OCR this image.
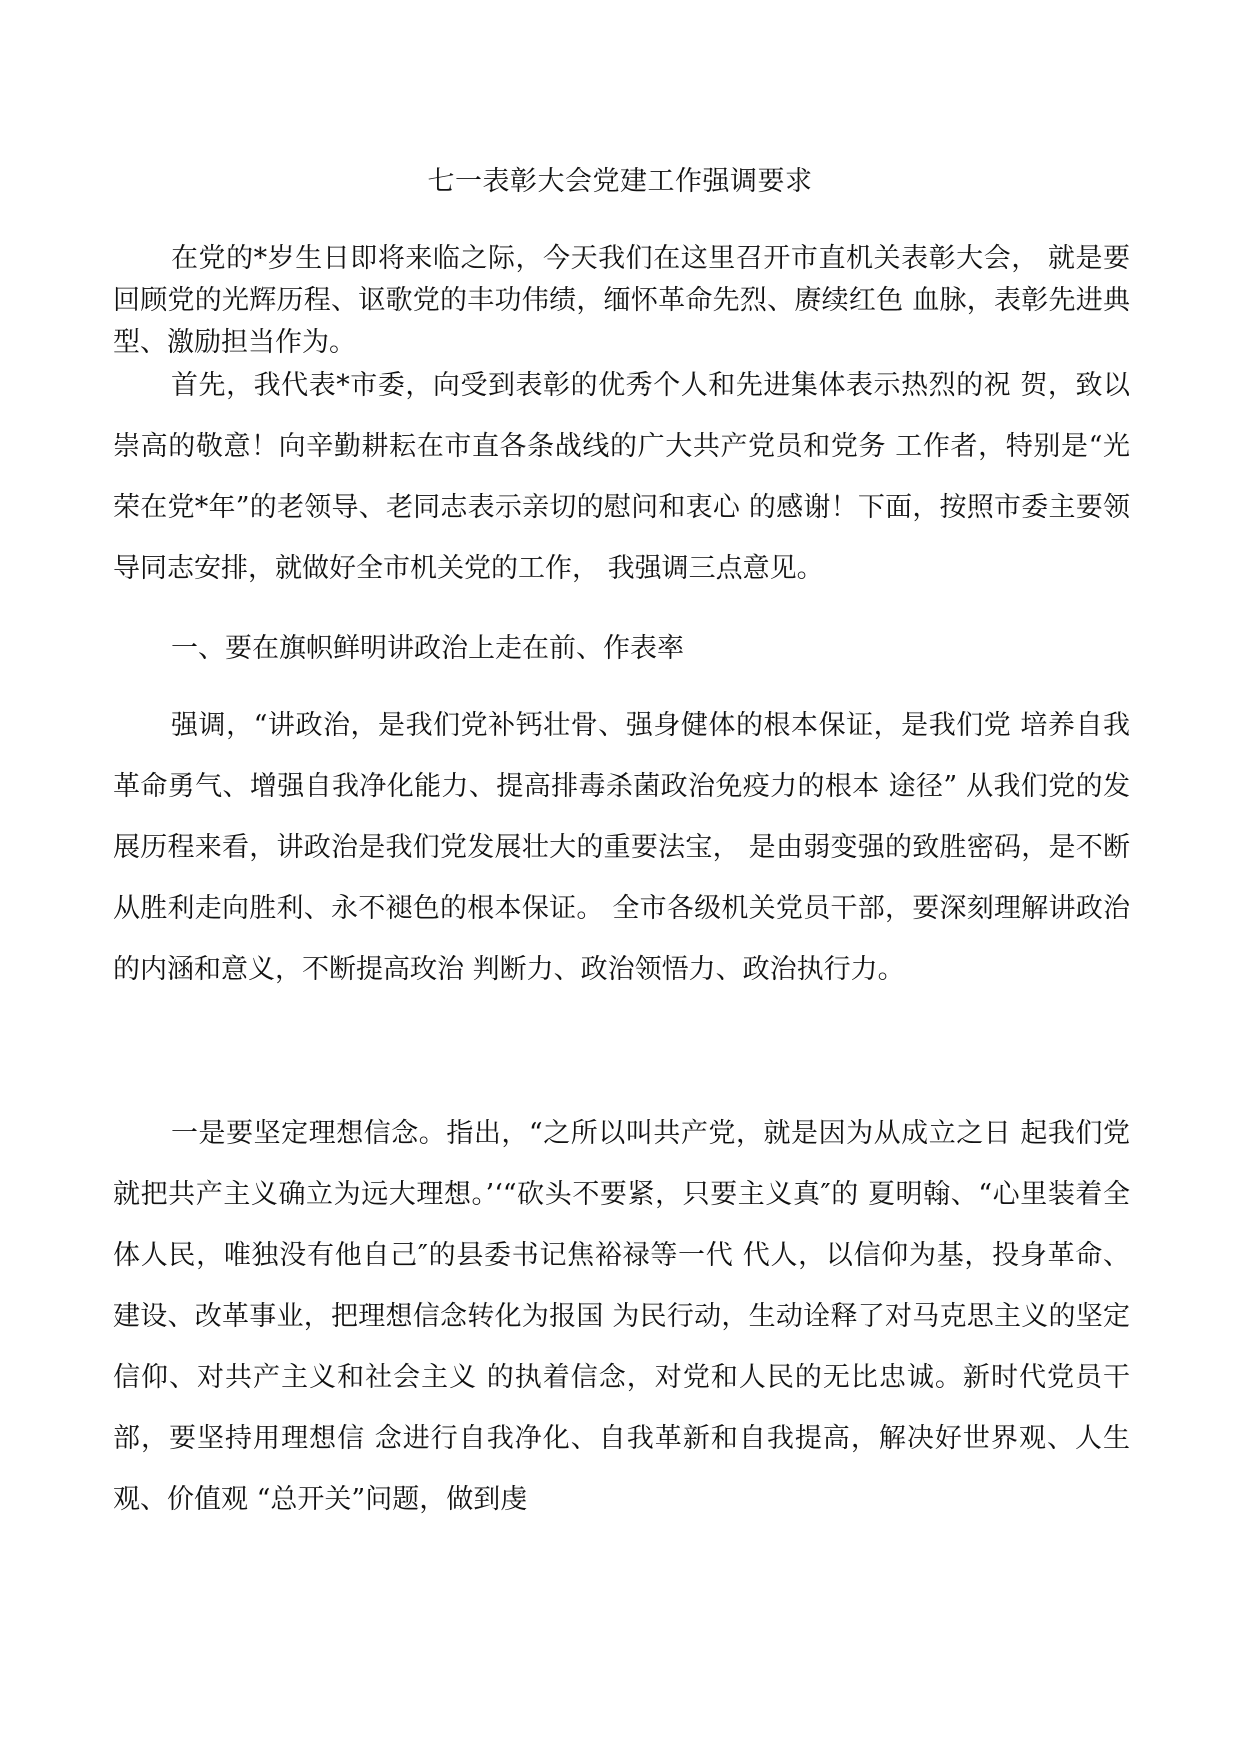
七一表彰大会党建工作强调要求

在党的*岁生日即将来临之际，今天我们在这里召开市直机关表彰大会， 就是要回顾党的光辉历程、讴歌党的丰功伟绩，缅怀革命先烈、赓续红色 血脉，表彰先进典型、激励担当作为。

首先，我代表*市委，向受到表彰的优秀个人和先进集体表示热烈的祝 贺，致以崇高的敬意！向辛勤耕耘在市直各条战线的广大共产党员和党务 工作者，特别是“光荣在党*年”的老领导、老同志表示亲切的慰问和衷心 的感谢！下面，按照市委主要领导同志安排，就做好全市机关党的工作， 我强调三点意见。

一、要在旗帜鲜明讲政治上走在前、作表率

强调，“讲政治，是我们党补钙壮骨、强身健体的根本保证，是我们党 培养自我革命勇气、增强自我净化能力、提高排毒杀菌政治免疫力的根本 途径” 从我们党的发展历程来看，讲政治是我们党发展壮大的重要法宝， 是由弱变强的致胜密码，是不断从胜利走向胜利、永不褪色的根本保证。 全市各级机关党员干部，要深刻理解讲政治的内涵和意义，不断提高玫治 判断力、政治领悟力、政治执行力。

一是要坚定理想信念。指出，“之所以叫共产党，就是因为从成立之日 起我们党就把共产主义确立为远大理想。’‘“砍头不要紧，只要主义真″的 夏明翰、“心里装着全体人民，唯独没有他自己″的县委书记焦裕禄等一代 代人，以信仰为基，投身革命、建设、改革事业，把理想信念转化为报国 为民行动，生动诠释了对马克思主义的坚定信仰、对共产主义和社会主义 的执着信念，对党和人民的无比忠诚。新时代党员干部，要坚持用理想信 念进行自我净化、自我革新和自我提高，解决好世界观、人生观、价值观 “总开关”问题，做到虔
